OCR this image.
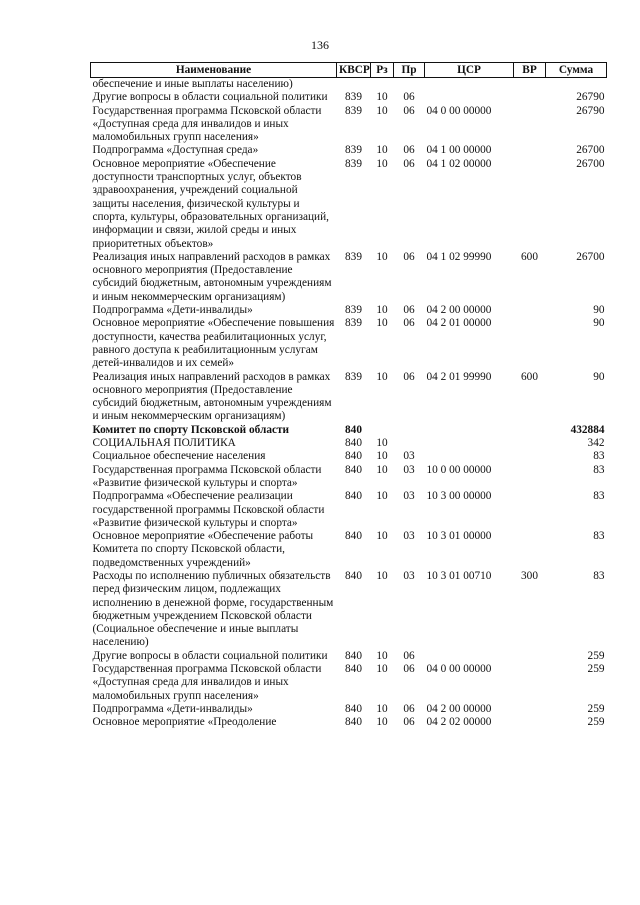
136
Наименование	КВСР	Рз	Пр	ЦСР	ВР	Сумма
обеспечение и иные выплаты населению)						
Другие вопросы в области социальной политики	839	10	06			26790
Государственная программа Псковской области «Доступная среда для инвалидов и иных маломобильных групп населения»	839	10	06	04 0 00 00000		26790
Подпрограмма «Доступная среда»	839	10	06	04 1 00 00000		26700
Основное мероприятие «Обеспечение доступности транспортных услуг, объектов здравоохранения, учреждений социальной защиты населения, физической культуры и спорта, культуры, образовательных организаций, информации и связи, жилой среды и иных приоритетных объектов»	839	10	06	04 1 02 00000		26700
Реализация иных направлений расходов в рамках основного мероприятия (Предоставление субсидий бюджетным, автономным учреждениям и иным некоммерческим организациям)	839	10	06	04 1 02 99990	600	26700
Подпрограмма «Дети-инвалиды»	839	10	06	04 2 00 00000		90
Основное мероприятие «Обеспечение повышения доступности, качества реабилитационных услуг, равного доступа к реабилитационным услугам детей-инвалидов и их семей»	839	10	06	04 2 01 00000		90
Реализация иных направлений расходов в рамках основного мероприятия (Предоставление субсидий бюджетным, автономным учреждениям и иным некоммерческим организациям)	839	10	06	04 2 01 99990	600	90
Комитет по спорту Псковской области	840					432884
СОЦИАЛЬНАЯ ПОЛИТИКА	840	10				342
Социальное обеспечение населения	840	10	03			83
Государственная программа Псковской области «Развитие физической культуры и спорта»	840	10	03	10 0 00 00000		83
Подпрограмма «Обеспечение реализации государственной программы Псковской области «Развитие физической культуры и спорта»	840	10	03	10 3 00 00000		83
Основное мероприятие «Обеспечение работы Комитета по спорту Псковской области, подведомственных учреждений»	840	10	03	10 3 01 00000		83
Расходы по исполнению публичных обязательств перед физическим лицом, подлежащих исполнению в денежной форме, государственным бюджетным учреждением Псковской области (Социальное обеспечение и иные выплаты населению)	840	10	03	10 3 01 00710	300	83
Другие вопросы в области социальной политики	840	10	06			259
Государственная программа Псковской области «Доступная среда для инвалидов и иных маломобильных групп населения»	840	10	06	04 0 00 00000		259
Подпрограмма «Дети-инвалиды»	840	10	06	04 2 00 00000		259
Основное мероприятие «Преодоление	840	10	06	04 2 02 00000		259
